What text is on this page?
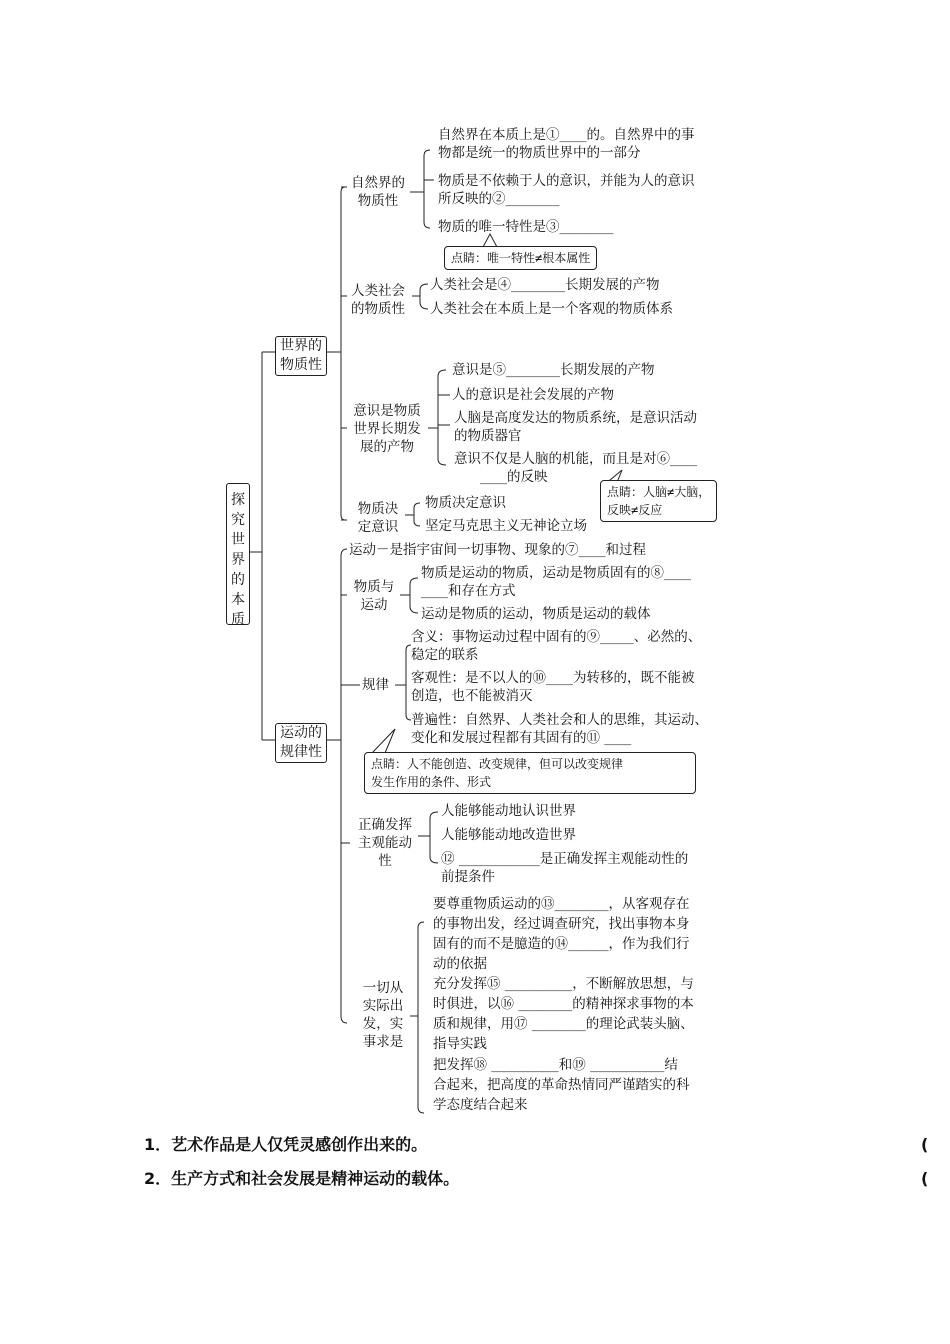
探究世界的本质
世界的物质性
运动的规律性
自然界的
物质性
自然界在本质上是①____的。自然界中的事
物都是统一的物质世界中的一部分
物质是不依赖于人的意识，并能为人的意识
所反映的②________
物质的唯一特性是③________
点睛：唯一特性≠根本属性
人类社会
的物质性
人类社会是④________长期发展的产物
人类社会在本质上是一个客观的物质体系
意识是物质
世界长期发
展的产物
意识是⑤________长期发展的产物
人的意识是社会发展的产物
人脑是高度发达的物质系统，是意识活动
的物质器官
意识不仅是人脑的机能，而且是对⑥____
____的反映
点睛：人脑≠大脑，
反映≠反应
物质决
定意识
物质决定意识
坚定马克思主义无神论立场
运动－是指宇宙间一切事物、现象的⑦____和过程
物质与
运动
物质是运动的物质，运动是物质固有的⑧____
____和存在方式
运动是物质的运动，物质是运动的载体
规律
含义：事物运动过程中固有的⑨_____、必然的、
稳定的联系
客观性：是不以人的⑩____为转移的，既不能被
创造，也不能被消灭
普遍性：自然界、人类社会和人的思维，其运动、
变化和发展过程都有其固有的⑪ ____
点睛：人不能创造、改变规律，但可以改变规律
发生作用的条件、形式
正确发挥
主观能动
性
人能够能动地认识世界
人能够能动地改造世界
⑫ ____________是正确发挥主观能动性的
前提条件
一切从
实际出
发，实
事求是
要尊重物质运动的⑬________，从客观存在
的事物出发，经过调查研究，找出事物本身
固有的而不是臆造的⑭______，作为我们行
动的依据
充分发挥⑮ __________，不断解放思想，与
时俱进，以⑯ ________的精神探求事物的本
质和规律，用⑰ ________的理论武装头脑、
指导实践
把发挥⑱ __________和⑲ ___________结
合起来，把高度的革命热情同严谨踏实的科
学态度结合起来
1．艺术作品是人仅凭灵感创作出来的。	(
2．生产方式和社会发展是精神运动的载体。	(
